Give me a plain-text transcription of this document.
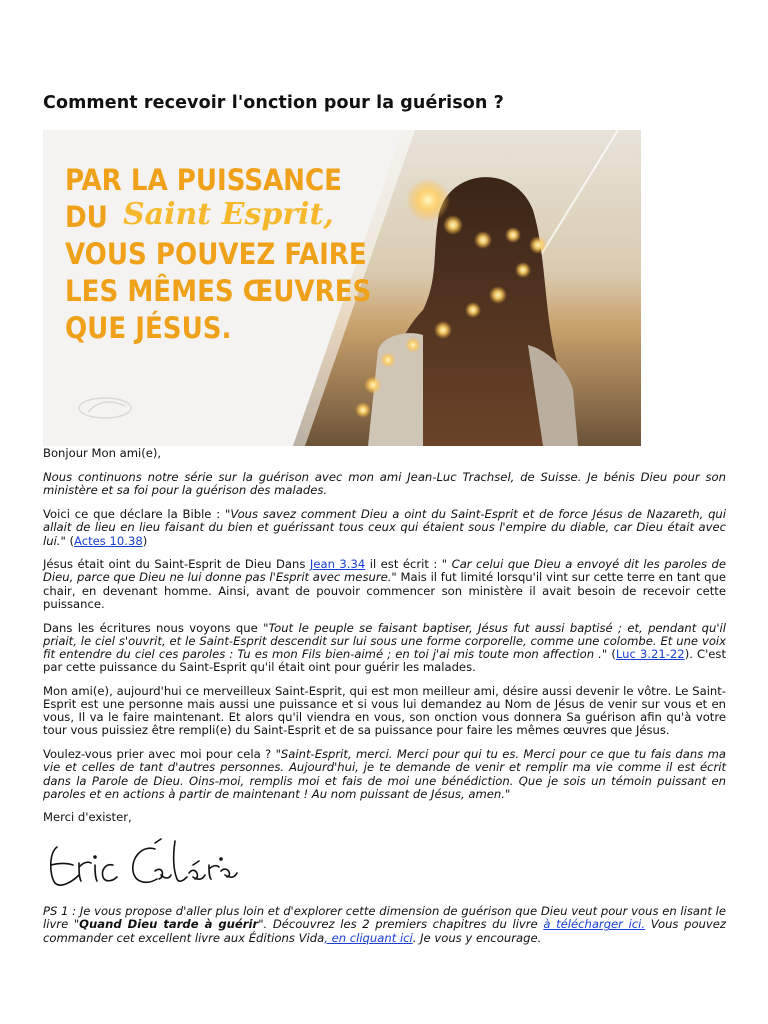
Comment recevoir l'onction pour la guérison ?
PAR LA PUISSANCE
DU Saint Esprit,
VOUS POUVEZ FAIRE
LES MÊMES ŒUVRES
QUE JÉSUS.

Bonjour Mon ami(e),

Nous continuons notre série sur la guérison avec mon ami Jean-Luc Trachsel, de Suisse. Je bénis Dieu pour son ministère et sa foi pour la guérison des malades.

Voici ce que déclare la Bible : "Vous savez comment Dieu a oint du Saint-Esprit et de force Jésus de Nazareth, qui allait de lieu en lieu faisant du bien et guérissant tous ceux qui étaient sous l'empire du diable, car Dieu était avec lui." (Actes 10.38)

Jésus était oint du Saint-Esprit de Dieu Dans Jean 3.34 il est écrit : " Car celui que Dieu a envoyé dit les paroles de Dieu, parce que Dieu ne lui donne pas l'Esprit avec mesure." Mais il fut limité lorsqu'il vint sur cette terre en tant que chair, en devenant homme. Ainsi, avant de pouvoir commencer son ministère il avait besoin de recevoir cette puissance.

Dans les écritures nous voyons que "Tout le peuple se faisant baptiser, Jésus fut aussi baptisé ; et, pendant qu'il priait, le ciel s'ouvrit, et le Saint-Esprit descendit sur lui sous une forme corporelle, comme une colombe. Et une voix fit entendre du ciel ces paroles : Tu es mon Fils bien-aimé ; en toi j'ai mis toute mon affection ." (Luc 3.21-22). C'est par cette puissance du Saint-Esprit qu'il était oint pour guérir les malades.

Mon ami(e), aujourd'hui ce merveilleux Saint-Esprit, qui est mon meilleur ami, désire aussi devenir le vôtre. Le Saint-Esprit est une personne mais aussi une puissance et si vous lui demandez au Nom de Jésus de venir sur vous et en vous, Il va le faire maintenant. Et alors qu'il viendra en vous, son onction vous donnera Sa guérison afin qu'à votre tour vous puissiez être rempli(e) du Saint-Esprit et de sa puissance pour faire les mêmes œuvres que Jésus.

Voulez-vous prier avec moi pour cela ? "Saint-Esprit, merci. Merci pour qui tu es. Merci pour ce que tu fais dans ma vie et celles de tant d'autres personnes. Aujourd'hui, je te demande de venir et remplir ma vie comme il est écrit dans la Parole de Dieu. Oins-moi, remplis moi et fais de moi une bénédiction. Que je sois un témoin puissant en paroles et en actions à partir de maintenant ! Au nom puissant de Jésus, amen."

Merci d'exister,

PS 1 : Je vous propose d'aller plus loin et d'explorer cette dimension de guérison que Dieu veut pour vous en lisant le livre "Quand Dieu tarde à guérir". Découvrez les 2 premiers chapitres du livre à télécharger ici. Vous pouvez commander cet excellent livre aux Éditions Vida, en cliquant ici. Je vous y encourage.
